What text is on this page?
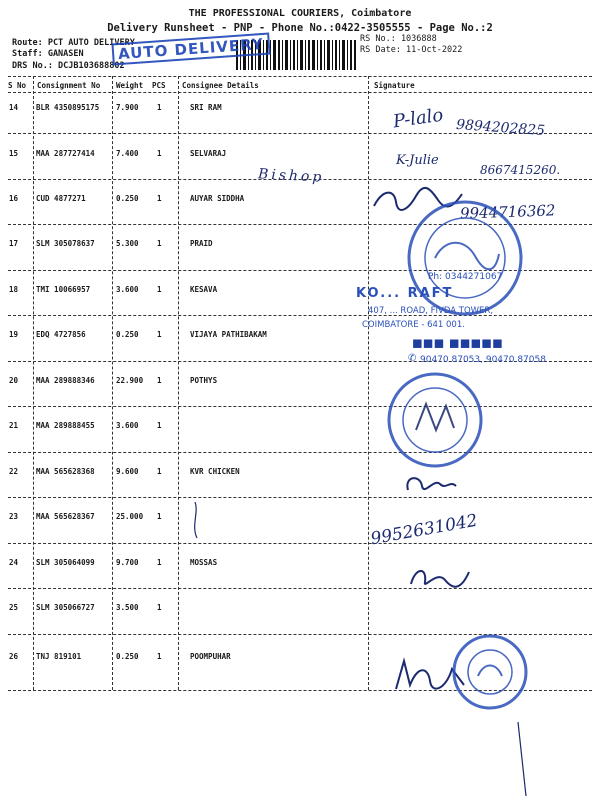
THE PROFESSIONAL COURIERS, Coimbatore
Delivery Runsheet - PNP - Phone No.:0422-3505555 - Page No.:2
Route: PCT AUTO DELIVERY
Staff: GANASEN
DRS No.: DCJB103688802
RS No.: 1036888
RS Date: 11-Oct-2022
AUTO DELIVERY
S No Consignment No Weight PCS Consignee Details	Signature
14 BLR 4350895175 7.900 1	SRI RAM
15 MAA 287727414	7.400 1	SELVARAJ
16 CUD 4877271	0.250 1	AUYAR SIDDHA
17 SLM 305078637	5.300 1	PRAID
18 TMI 10066957	3.600 1	KESAVA
19 EDQ 4727856	0.250 1	VIJAYA PATHIBAKAM
20 MAA 289888346	22.900 1	POTHYS
21 MAA 289888455	3.600 1
22 MAA 565628368	9.600 1	KVR CHICKEN
23 MAA 565628367	25.000 1
24 SLM 305064099	9.700 1	MOSSAS
25 SLM 305066727	3.500 1
26 TNJ 819101	0.250 1	POOMPUHAR
P-lalo 9894202825
K-Julie
8667415260.
Bishop
9944716362
9952631042
Ph: 0344271067
KO... RAFT
407, ... ROAD, FIVDA TOWER,
COIMBATORE - 641 001.
◼◼◼ ◼◼◼◼◼
90470 87053, 90470 87058
✆
